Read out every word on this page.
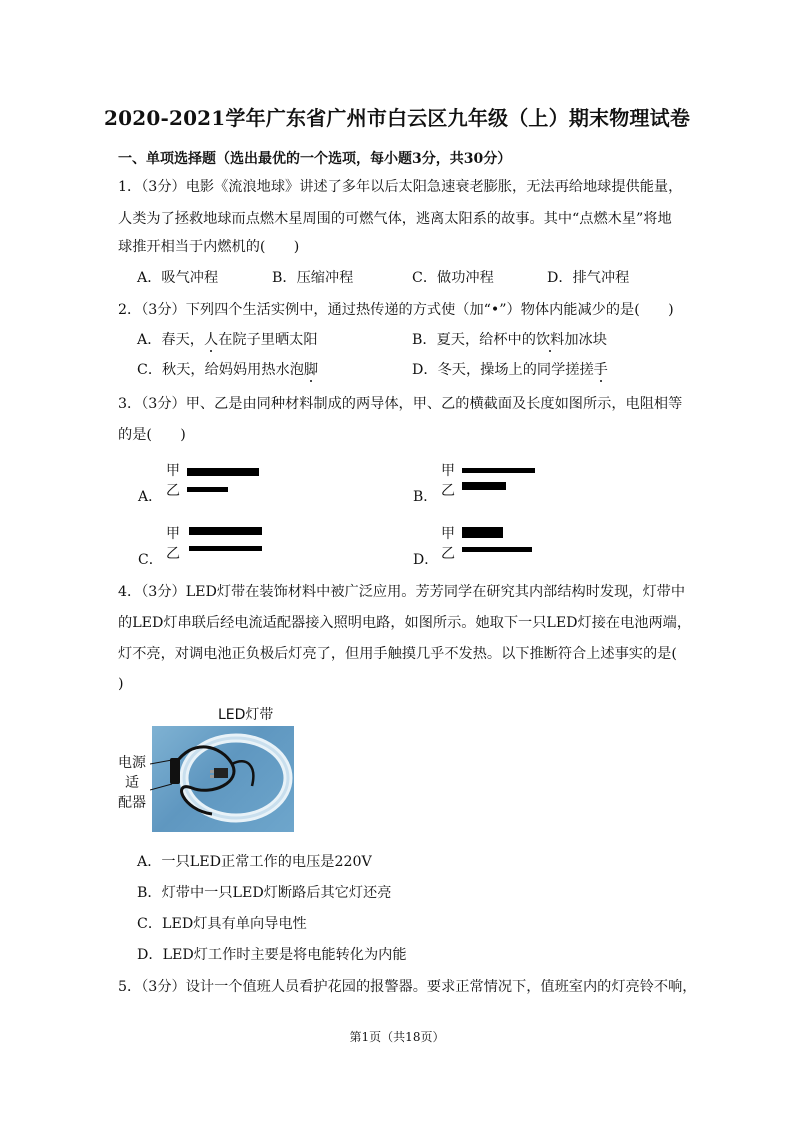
2020-2021学年广东省广州市白云区九年级（上）期末物理试卷
一、单项选择题（选出最优的一个选项，每小题3分，共30分）
1．（3分）电影《流浪地球》讲述了多年以后太阳急速衰老膨胀，无法再给地球提供能量，
人类为了拯救地球而点燃木星周围的可燃气体，逃离太阳系的故事。其中“点燃木星”将地
球推开相当于内燃机的(　　)
A．吸气冲程	B．压缩冲程	C．做功冲程	D．排气冲程
2．（3分）下列四个生活实例中，通过热传递的方式使（加“•”）物体内能减少的是(　　)
A．春天，人在院子里晒太阳	B．夏天，给杯中的饮料加冰块
C．秋天，给妈妈用热水泡脚	D．冬天，操场上的同学搓搓手
3．（3分）甲、乙是由同种材料制成的两导体，甲、乙的横截面及长度如图所示，电阻相等
的是(　　)
甲
乙
A．
甲
乙
B．
甲
乙
C．
甲
乙
D．
4．（3分）LED灯带在装饰材料中被广泛应用。芳芳同学在研究其内部结构时发现，灯带中
的LED灯串联后经电流适配器接入照明电路，如图所示。她取下一只LED灯接在电池两端，
灯不亮，对调电池正负极后灯亮了，但用手触摸几乎不发热。以下推断符合上述事实的是(
)
LED灯带
电源
适
配器
A．一只LED正常工作的电压是220V
B．灯带中一只LED灯断路后其它灯还亮
C．LED灯具有单向导电性
D．LED灯工作时主要是将电能转化为内能
5．（3分）设计一个值班人员看护花园的报警器。要求正常情况下，值班室内的灯亮铃不响，
第1页（共18页）
